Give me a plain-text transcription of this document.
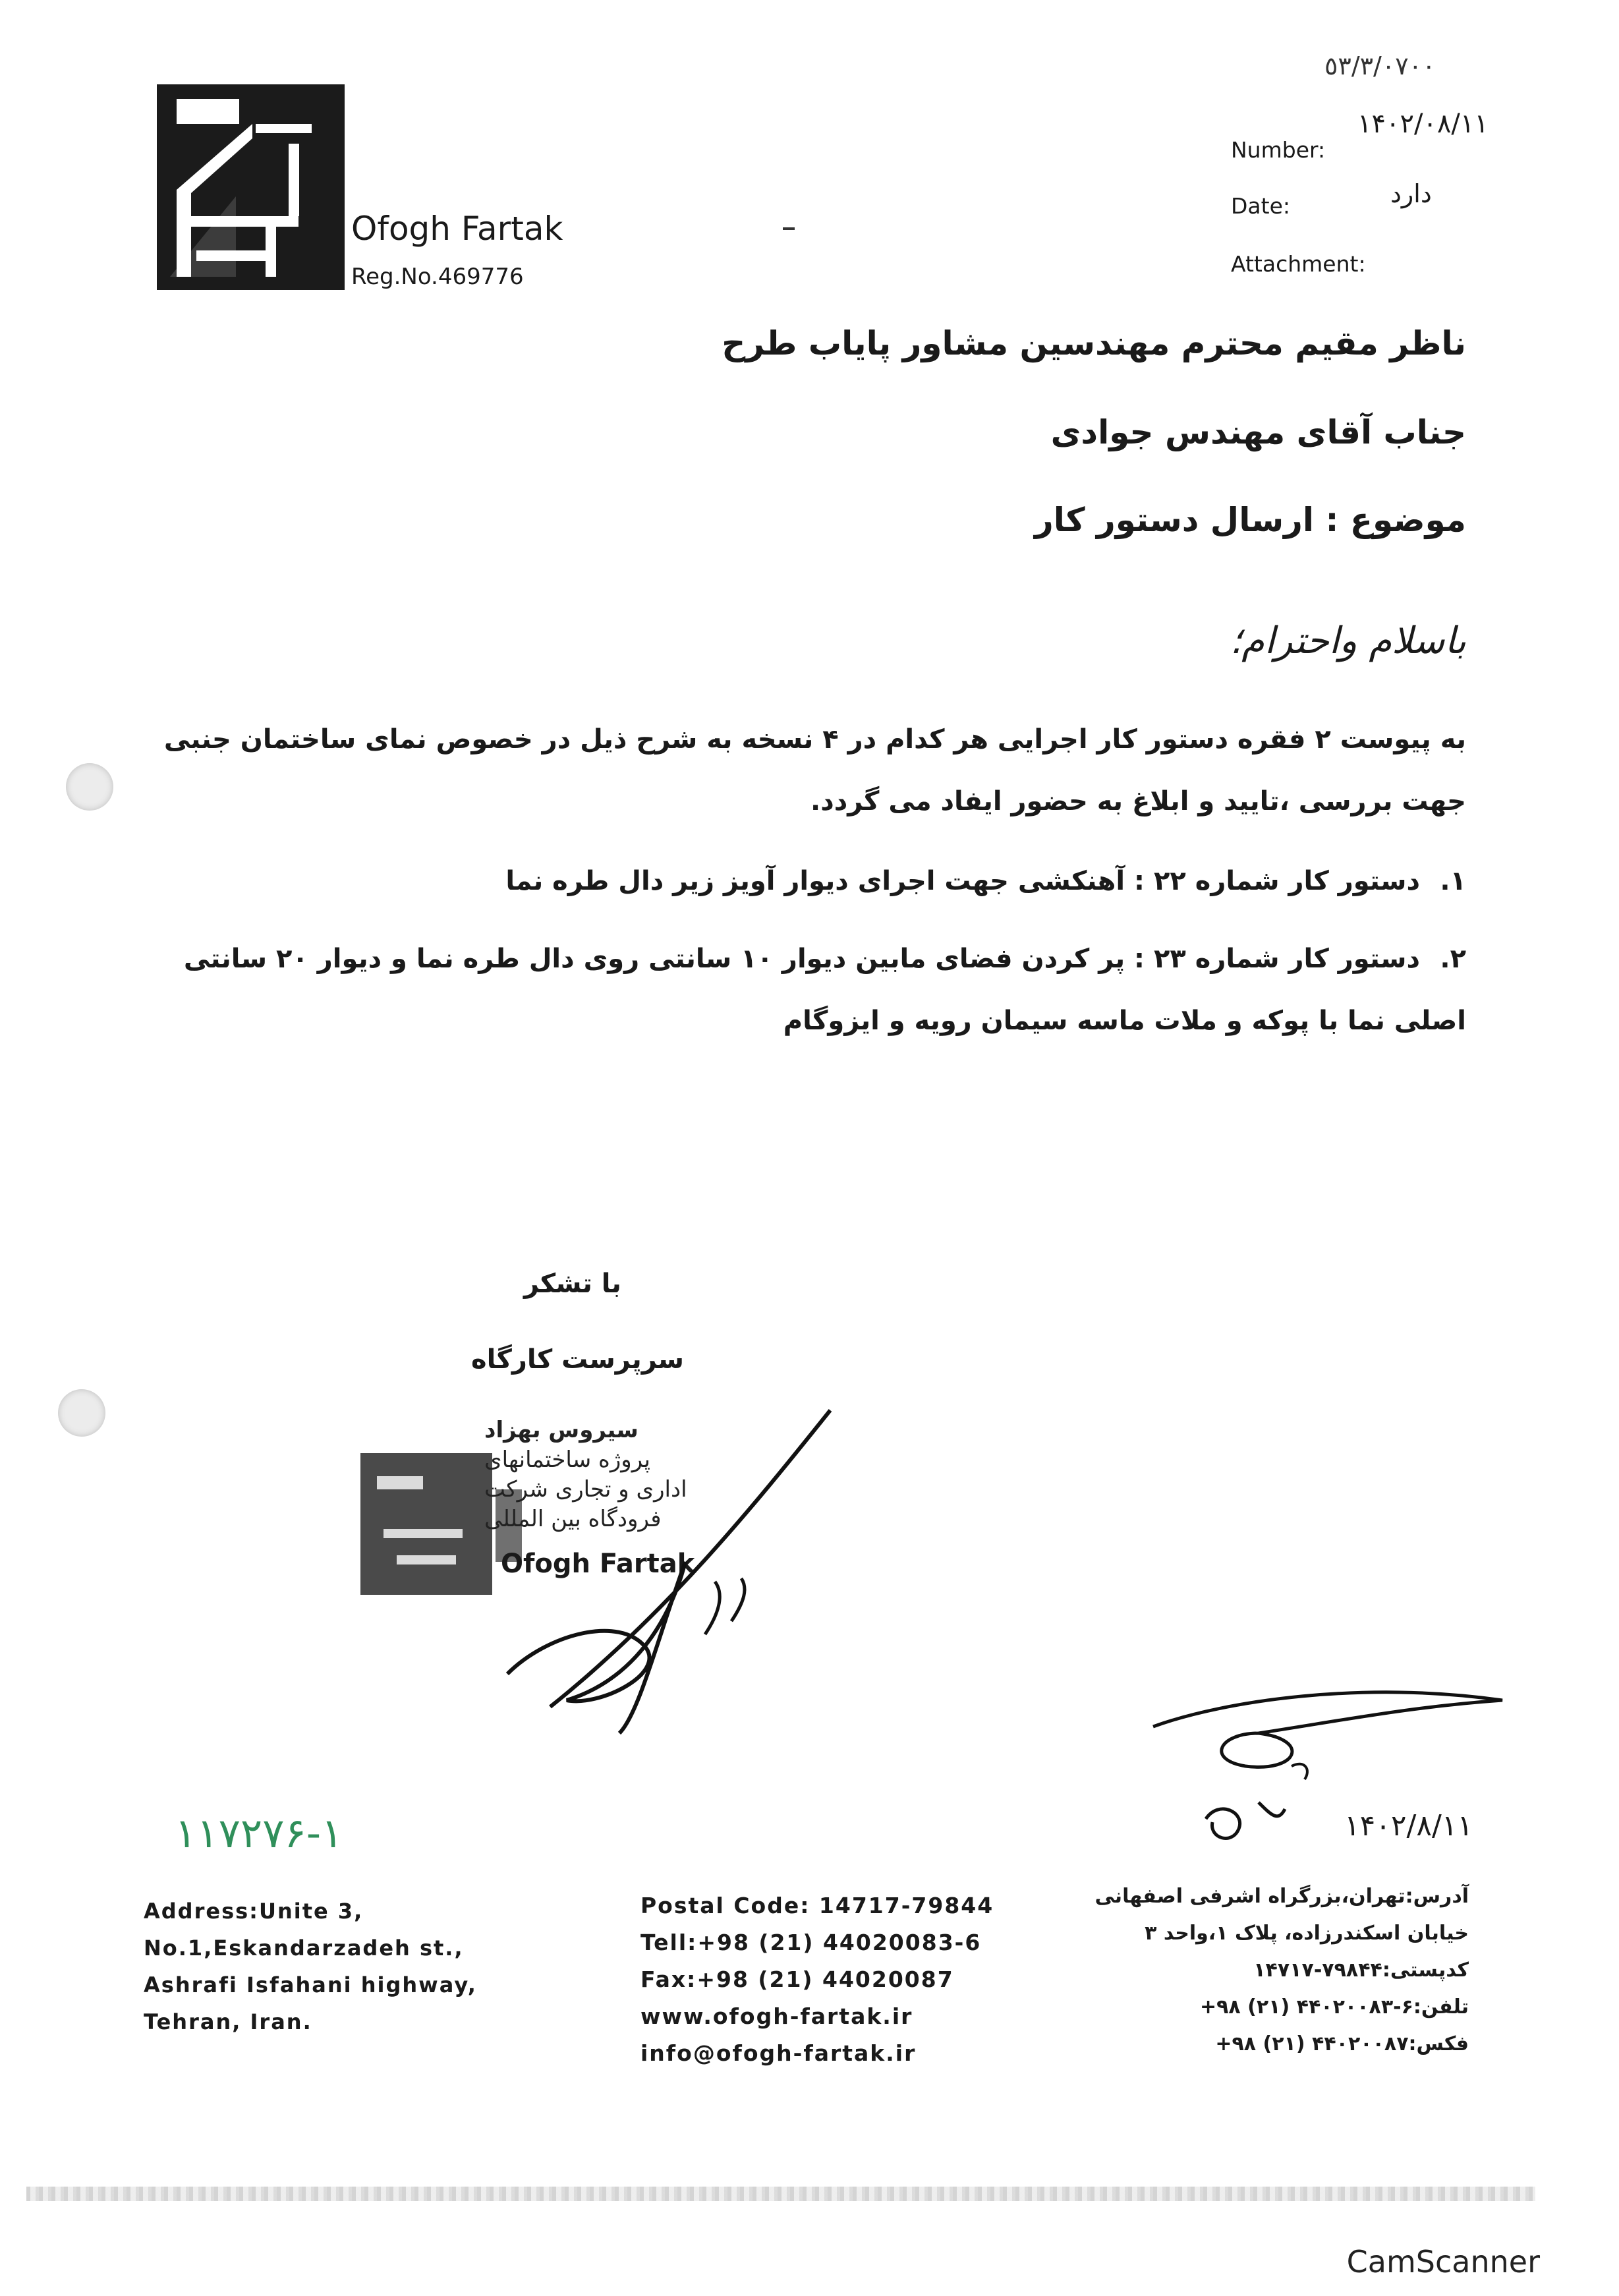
Ofogh Fartak
Reg.No.469776
٥٣/٣/٠٧٠٠
۱۴۰۲/۰۸/۱۱
Number:
دارد
Date:
Attachment:
ناظر مقیم محترم مهندسین مشاور پایاب طرح
جناب آقای مهندس جوادی
موضوع : ارسال دستور کار
باسلام واحترام؛
به پیوست ۲ فقره دستور کار اجرایی هر کدام در ۴ نسخه به شرح ذیل در خصوص نمای ساختمان جنبی جهت بررسی ،تایید و ابلاغ به حضور ایفاد می گردد.
۱.دستور کار شماره ۲۲ : آهنکشی جهت اجرای دیوار آویز زیر دال طره نما
۲.دستور کار شماره ۲۳ : پر کردن فضای مابین دیوار ۱۰ سانتی روی دال طره نما و دیوار ۲۰ سانتی اصلی نما با پوکه و ملات ماسه سیمان رویه و ایزوگام
با تشکر
سرپرست کارگاه
سیروس بهزاد
پروژه ساختمانهای
اداری و تجاری شرکت
فرودگاه بین المللی
Ofogh Fartak
۱۴۰۲/۸/۱۱
۱۱۷۲۷۶-۱
Address:Unite 3,
No.1,Eskandarzadeh st.,
Ashrafi Isfahani highway,
Tehran, Iran.
Postal Code: 14717-79844
Tell:+98 (21) 44020083-6
Fax:+98 (21) 44020087
www.ofogh-fartak.ir
info@ofogh-fartak.ir
آدرس:تهران،بزرگراه اشرفی اصفهانی
خیابان اسکندرزاده، پلاک ۱،واحد ۳
کدپستی:۷۹۸۴۴-۱۴۷۱۷
تلفن:۶-۴۴۰۲۰۰۸۳ (۲۱) ۹۸+
فکس:۴۴۰۲۰۰۸۷ (۲۱) ۹۸+
CamScanner
